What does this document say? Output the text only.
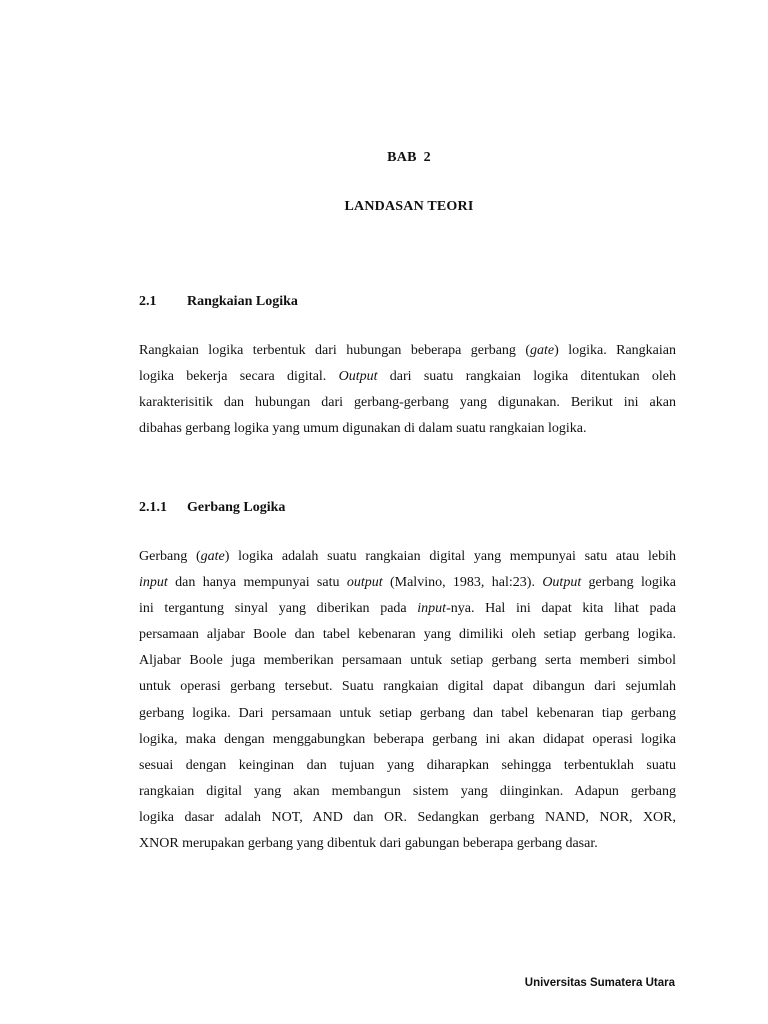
BAB 2
LANDASAN TEORI
2.1 Rangkaian Logika
Rangkaian logika terbentuk dari hubungan beberapa gerbang (gate) logika. Rangkaian
logika bekerja secara digital. Output dari suatu rangkaian logika ditentukan oleh
karakterisitik dan hubungan dari gerbang-gerbang yang digunakan. Berikut ini akan
dibahas gerbang logika yang umum digunakan di dalam suatu rangkaian logika.
2.1.1 Gerbang Logika
Gerbang (gate) logika adalah suatu rangkaian digital yang mempunyai satu atau lebih
input dan hanya mempunyai satu output (Malvino, 1983, hal:23). Output gerbang logika
ini tergantung sinyal yang diberikan pada input-nya. Hal ini dapat kita lihat pada
persamaan aljabar Boole dan tabel kebenaran yang dimiliki oleh setiap gerbang logika.
Aljabar Boole juga memberikan persamaan untuk setiap gerbang serta memberi simbol
untuk operasi gerbang tersebut. Suatu rangkaian digital dapat dibangun dari sejumlah
gerbang logika. Dari persamaan untuk setiap gerbang dan tabel kebenaran tiap gerbang
logika, maka dengan menggabungkan beberapa gerbang ini akan didapat operasi logika
sesuai dengan keinginan dan tujuan yang diharapkan sehingga terbentuklah suatu
rangkaian digital yang akan membangun sistem yang diinginkan. Adapun gerbang
logika dasar adalah NOT, AND dan OR. Sedangkan gerbang NAND, NOR, XOR,
XNOR merupakan gerbang yang dibentuk dari gabungan beberapa gerbang dasar.
Universitas Sumatera Utara
